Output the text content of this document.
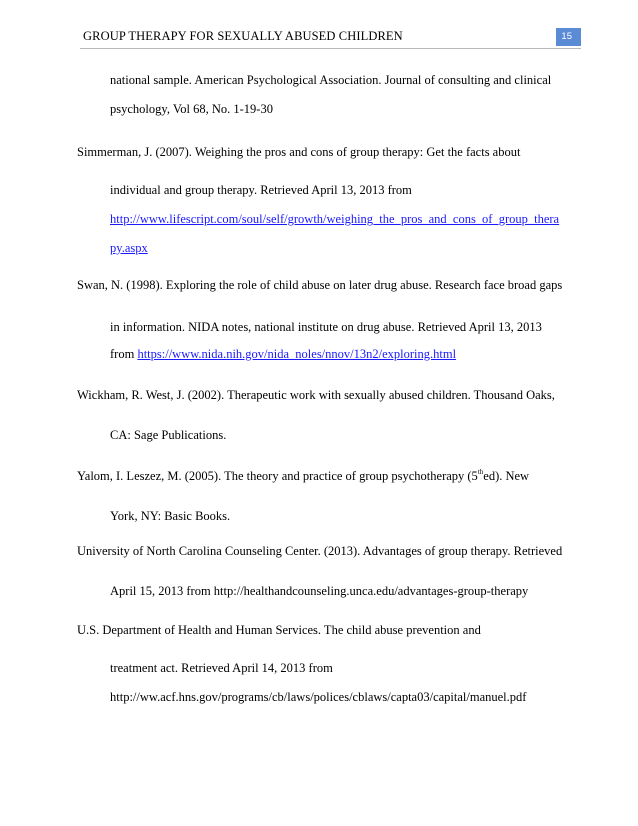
GROUP THERAPY FOR SEXUALLY ABUSED CHILDREN	15
national sample. American Psychological Association. Journal of consulting and clinical
psychology, Vol 68, No. 1-19-30
Simmerman, J. (2007). Weighing the pros and cons of group therapy: Get the facts about
individual and group therapy. Retrieved April 13, 2013 from
http://www.lifescript.com/soul/self/growth/weighing_the_pros_and_cons_of_group_thera
py.aspx
Swan, N. (1998). Exploring the role of child abuse on later drug abuse. Research face broad gaps
in information. NIDA notes, national institute on drug abuse. Retrieved April 13, 2013
from https://www.nida.nih.gov/nida_noles/nnov/13n2/exploring.html
Wickham, R. West, J. (2002). Therapeutic work with sexually abused children. Thousand Oaks,
CA: Sage Publications.
Yalom, I. Leszez, M. (2005). The theory and practice of group psychotherapy (5thed). New
York, NY: Basic Books.
University of North Carolina Counseling Center. (2013). Advantages of group therapy. Retrieved
April 15, 2013 from http://healthandcounseling.unca.edu/advantages-group-therapy
U.S. Department of Health and Human Services. The child abuse prevention and
treatment act. Retrieved April 14, 2013 from
http://ww.acf.hns.gov/programs/cb/laws/polices/cblaws/capta03/capital/manuel.pdf
